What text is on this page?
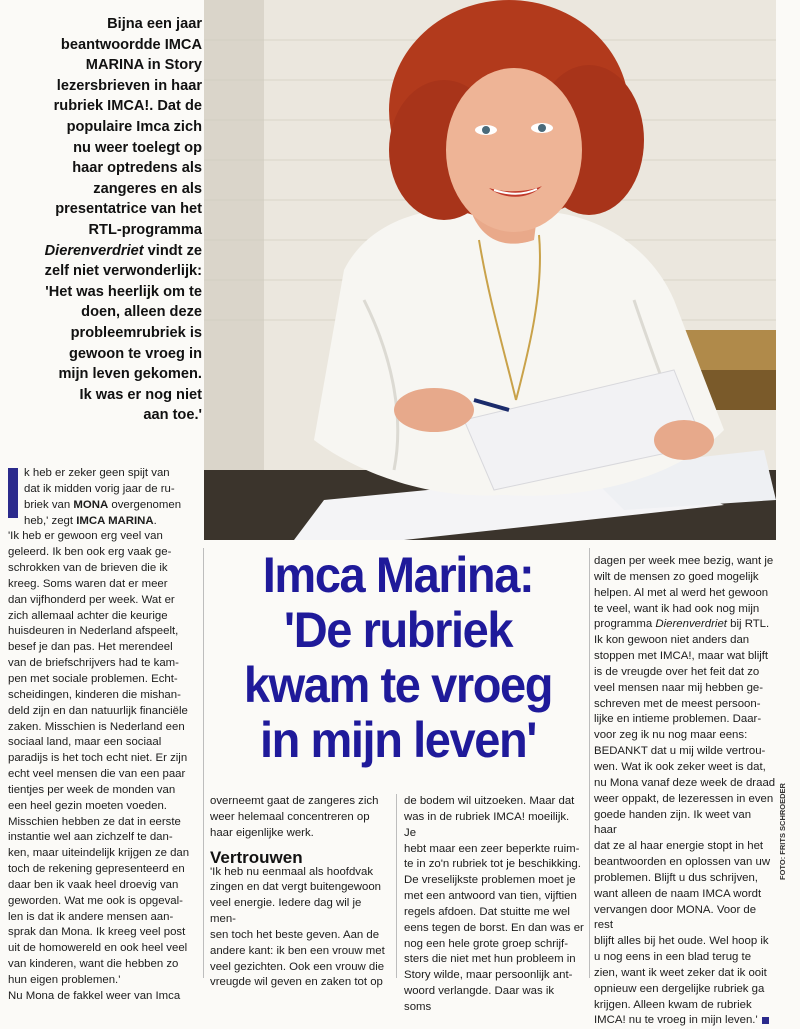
Bijna een jaar
beantwoordde IMCA
MARINA in Story
lezersbrieven in haar
rubriek IMCA!. Dat de
populaire Imca zich
nu weer toelegt op
haar optredens als
zangeres en als
presentatrice van het
RTL-programma
Dierenverdriet vindt ze
zelf niet verwonderlijk:
'Het was heerlijk om te
doen, alleen deze
probleemrubriek is
gewoon te vroeg in
mijn leven gekomen.
Ik was er nog niet
aan toe.'

k heb er zeker geen spijt van
dat ik midden vorig jaar de ru-
briek van MONA overgenomen
heb,' zegt IMCA MARINA.
'Ik heb er gewoon erg veel van
geleerd. Ik ben ook erg vaak ge-
schrokken van de brieven die ik
kreeg. Soms waren dat er meer
dan vijfhonderd per week. Wat er
zich allemaal achter die keurige
huisdeuren in Nederland afspeelt,
besef je dan pas. Het merendeel
van de briefschrijvers had te kam-
pen met sociale problemen. Echt-
scheidingen, kinderen die mishan-
deld zijn en dan natuurlijk financiële
zaken. Misschien is Nederland een
sociaal land, maar een sociaal
paradijs is het toch echt niet. Er zijn
echt veel mensen die van een paar
tientjes per week de monden van
een heel gezin moeten voeden.
Misschien hebben ze dat in eerste
instantie wel aan zichzelf te dan-
ken, maar uiteindelijk krijgen ze dan
toch de rekening gepresenteerd en
daar ben ik vaak heel droevig van
geworden. Wat me ook is opgeval-
len is dat ik andere mensen aan-
sprak dan Mona. Ik kreeg veel post
uit de homowereld en ook heel veel
van kinderen, want die hebben zo
hun eigen problemen.'
Nu Mona de fakkel weer van Imca

Imca Marina:
'De rubriek
kwam te vroeg
in mijn leven'

overneemt gaat de zangeres zich
weer helemaal concentreren op
haar eigenlijke werk.

'Ik heb nu eenmaal als hoofdvak
zingen en dat vergt buitengewoon
veel energie. Iedere dag wil je men-
sen toch het beste geven. Aan de
andere kant: ik ben een vrouw met
veel gezichten. Ook een vrouw die
vreugde wil geven en zaken tot op

Vertrouwen

de bodem wil uitzoeken. Maar dat
was in de rubriek IMCA! moeilijk. Je
hebt maar een zeer beperkte ruim-
te in zo'n rubriek tot je beschikking.
De vreselijkste problemen moet je
met een antwoord van tien, vijftien
regels afdoen. Dat stuitte me wel
eens tegen de borst. En dan was er
nog een hele grote groep schrijf-
sters die niet met hun probleem in
Story wilde, maar persoonlijk ant-
woord verlangde. Daar was ik soms

dagen per week mee bezig, want je
wilt de mensen zo goed mogelijk
helpen. Al met al werd het gewoon
te veel, want ik had ook nog mijn
programma Dierenverdriet bij RTL.
Ik kon gewoon niet anders dan
stoppen met IMCA!, maar wat blijft
is de vreugde over het feit dat zo
veel mensen naar mij hebben ge-
schreven met de meest persoon-
lijke en intieme problemen. Daar-
voor zeg ik nu nog maar eens:
BEDANKT dat u mij wilde vertrou-
wen. Wat ik ook zeker weet is dat,
nu Mona vanaf deze week de draad
weer oppakt, de lezeressen in even
goede handen zijn. Ik weet van haar
dat ze al haar energie stopt in het
beantwoorden en oplossen van uw
problemen. Blijft u dus schrijven,
want alleen de naam IMCA wordt
vervangen door MONA. Voor de rest
blijft alles bij het oude. Wel hoop ik
u nog eens in een blad terug te
zien, want ik weet zeker dat ik ooit
opnieuw een dergelijke rubriek ga
krijgen. Alleen kwam de rubriek
IMCA! nu te vroeg in mijn leven.'

FOTO: FRITS SCHROEDER
